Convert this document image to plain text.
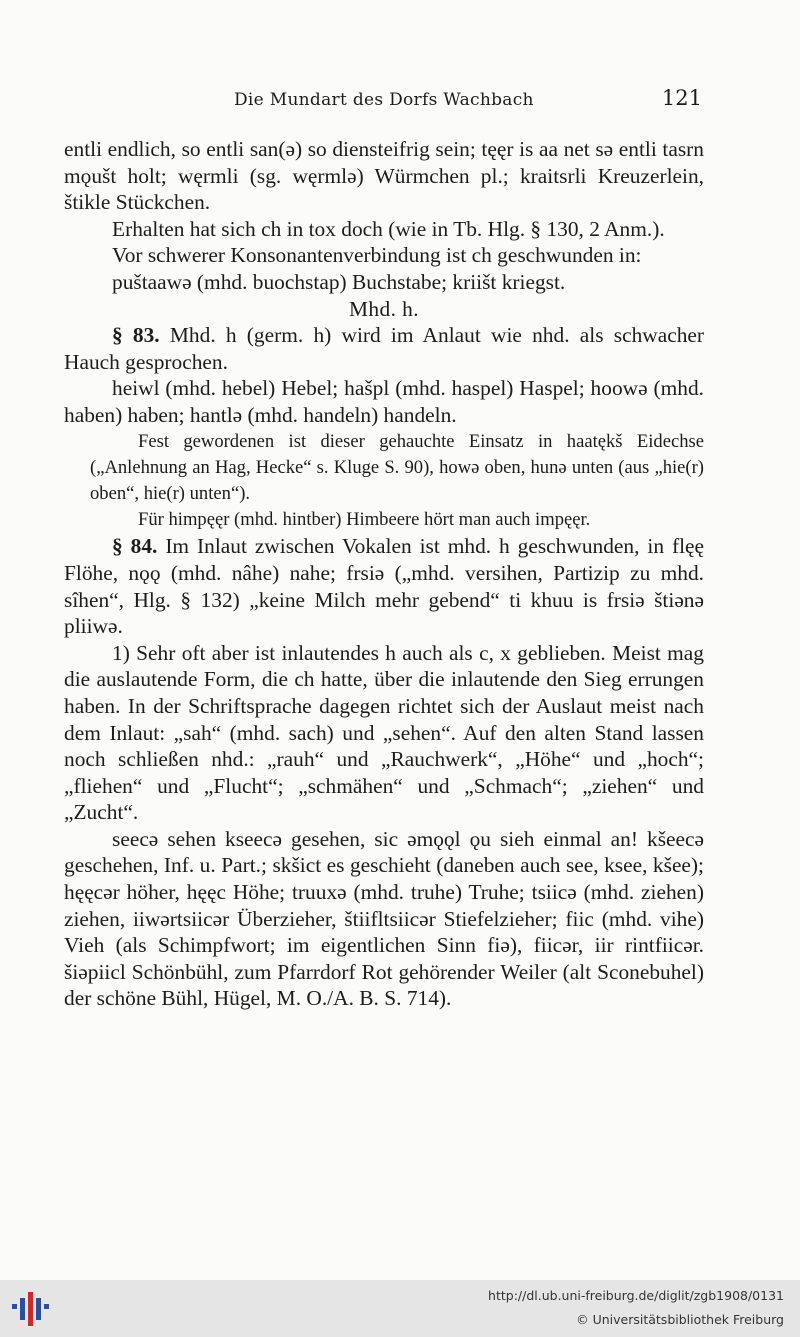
Die Mundart des Dorfs Wachbach	121

entli endlich, so entli san(ə) so diensteifrig sein; tęęr is aa net sə entli tasrn mǫušt holt; węrmli (sg. węrmlə) Würmchen pl.; kraitsrli Kreuzerlein, štikle Stückchen.

Erhalten hat sich ch in tox doch (wie in Tb. Hlg. § 130, 2 Anm.).

Vor schwerer Konsonantenverbindung ist ch geschwunden in:

puštaawə (mhd. buochstap) Buchstabe; kriišt kriegst.

Mhd. h.

§ 83. Mhd. h (germ. h) wird im Anlaut wie nhd. als schwacher Hauch gesprochen.

heiwl (mhd. hebel) Hebel; hašpl (mhd. haspel) Haspel; hoowə (mhd. haben) haben; hantlə (mhd. handeln) handeln.

Fest gewordenen ist dieser gehauchte Einsatz in haatękš Eidechse („Anlehnung an Hag, Hecke“ s. Kluge S. 90), howə oben, hunə unten (aus „hie(r) oben“, hie(r) unten“).

Für himpęęr (mhd. hintber) Himbeere hört man auch impęęr.

§ 84. Im Inlaut zwischen Vokalen ist mhd. h geschwunden, in flęę Flöhe, nǫǫ (mhd. nâhe) nahe; frsiə („mhd. versihen, Partizip zu mhd. sîhen“, Hlg. § 132) „keine Milch mehr gebend“ ti khuu is frsiə štiənə pliiwə.

1) Sehr oft aber ist inlautendes h auch als c, x geblieben. Meist mag die auslautende Form, die ch hatte, über die inlautende den Sieg errungen haben. In der Schriftsprache dagegen richtet sich der Auslaut meist nach dem Inlaut: „sah“ (mhd. sach) und „sehen“. Auf den alten Stand lassen noch schließen nhd.: „rauh“ und „Rauchwerk“, „Höhe“ und „hoch“; „fliehen“ und „Flucht“; „schmähen“ und „Schmach“; „ziehen“ und „Zucht“.

seecə sehen kseecə gesehen, sic əmǫǫl ǫu sieh einmal an! kšeecə geschehen, Inf. u. Part.; skšict es geschieht (daneben auch see, ksee, kšee); hęęcər höher, hęęc Höhe; truuxə (mhd. truhe) Truhe; tsiicə (mhd. ziehen) ziehen, iiwərtsiicər Überzieher, štiifltsiicər Stiefelzieher; fiic (mhd. vihe) Vieh (als Schimpfwort; im eigentlichen Sinn fiə), fiicər, iir rintfiicər. šiəpiicl Schönbühl, zum Pfarrdorf Rot gehörender Weiler (alt Sconebuhel) der schöne Bühl, Hügel, M. O./A. B. S. 714).

http://dl.ub.uni-freiburg.de/diglit/zgb1908/0131
© Universitätsbibliothek Freiburg
